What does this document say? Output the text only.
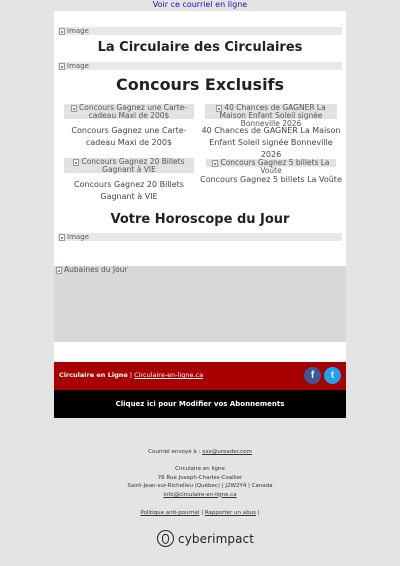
Voir ce courriel en ligne
Image
La Circulaire des Circulaires
Image
Concours Exclusifs
Concours Gagnez une Carte-cadeau Maxi de 200$
Concours Gagnez une Carte-cadeau Maxi de 200$
40 Chances de GAGNER La Maison Enfant Soleil signée Bonneville 2026
40 Chances de GAGNER La Maison Enfant Soleil signée Bonneville 2026
Concours Gagnez 20 Billets Gagnant à VIE
Concours Gagnez 20 Billets Gagnant à VIE
Concours Gagnez 5 billets La Voûte
Concours Gagnez 5 billets La Voûte
Votre Horoscope du Jour
Image
Aubaines du Jour
Circulaire en Ligne | Circulaire-en-ligne.ca	f	t
Cliquez ici pour Modifier vos Abonnements
Courriel envoyé à : xxx@ureader.com
Circulaire en ligne
76 Rue Joseph-Charles-Coallier
Saint-Jean-sur-Richelieu (Québec) | J2W2Y4 | Canada
info@circulaire-en-ligne.ca
Politique anti-pourriel | Rapporter un abus |
cyberimpact
